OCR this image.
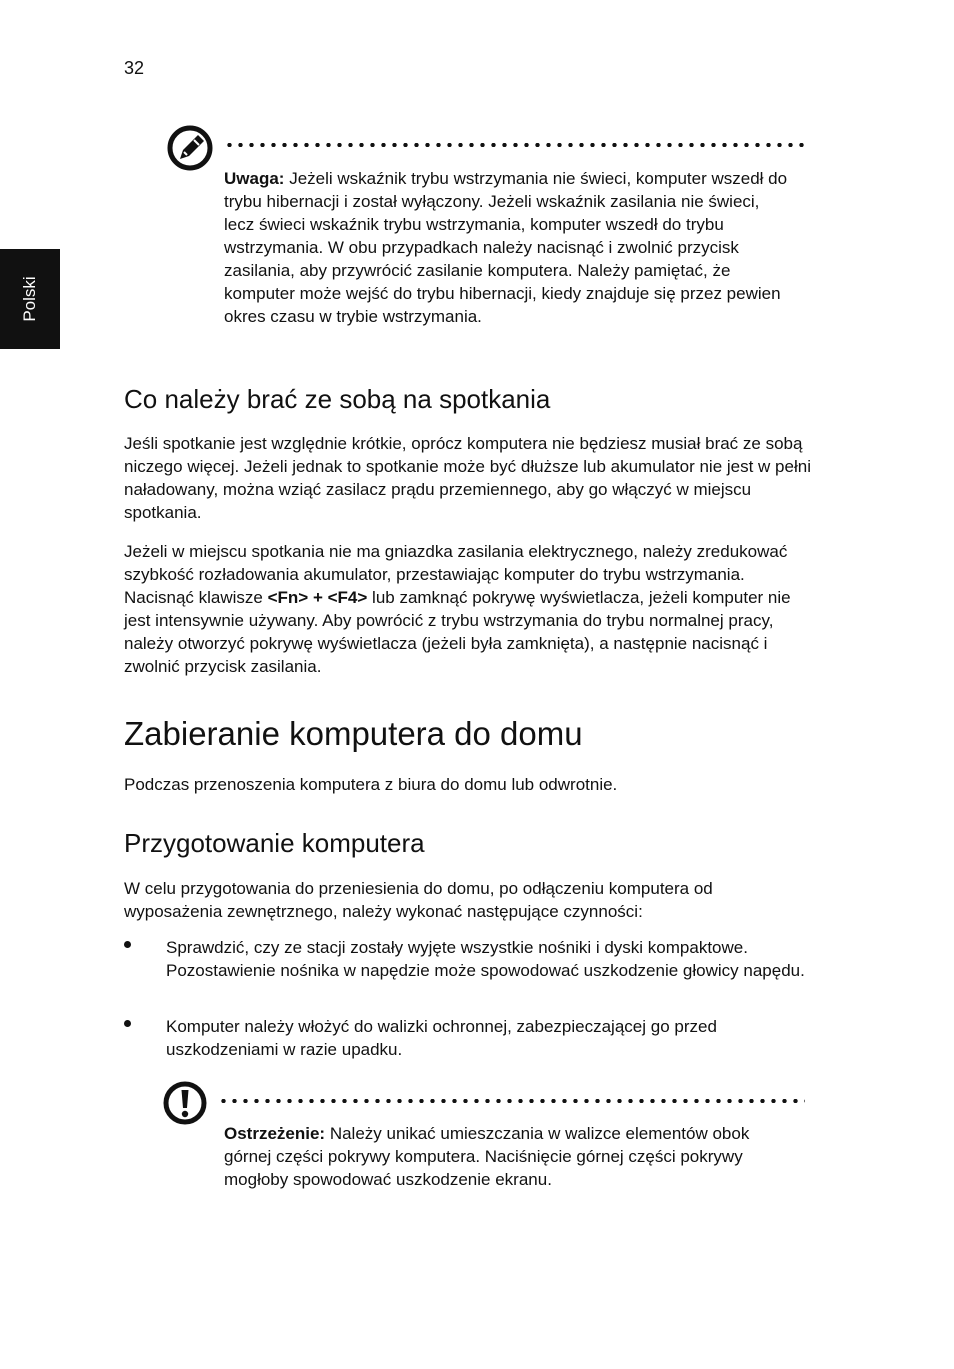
32
Polski

Uwaga: Jeżeli wskaźnik trybu wstrzymania nie świeci, komputer wszedł do trybu hibernacji i został wyłączony. Jeżeli wskaźnik zasilania nie świeci, lecz świeci wskaźnik trybu wstrzymania, komputer wszedł do trybu wstrzymania. W obu przypadkach należy nacisnąć i zwolnić przycisk zasilania, aby przywrócić zasilanie komputera. Należy pamiętać, że komputer może wejść do trybu hibernacji, kiedy znajduje się przez pewien okres czasu w trybie wstrzymania.

Co należy brać ze sobą na spotkania

Jeśli spotkanie jest względnie krótkie, oprócz komputera nie będziesz musiał brać ze sobą niczego więcej. Jeżeli jednak to spotkanie może być dłuższe lub akumulator nie jest w pełni naładowany, można wziąć zasilacz prądu przemiennego, aby go włączyć w miejscu spotkania.

Jeżeli w miejscu spotkania nie ma gniazdka zasilania elektrycznego, należy zredukować szybkość rozładowania akumulator, przestawiając komputer do trybu wstrzymania. Nacisnąć klawisze <Fn> + <F4> lub zamknąć pokrywę wyświetlacza, jeżeli komputer nie jest intensywnie używany. Aby powrócić z trybu wstrzymania do trybu normalnej pracy, należy otworzyć pokrywę wyświetlacza (jeżeli była zamknięta), a następnie nacisnąć i zwolnić przycisk zasilania.

Zabieranie komputera do domu

Podczas przenoszenia komputera z biura do domu lub odwrotnie.

Przygotowanie komputera

W celu przygotowania do przeniesienia do domu, po odłączeniu komputera od wyposażenia zewnętrznego, należy wykonać następujące czynności:

Sprawdzić, czy ze stacji zostały wyjęte wszystkie nośniki i dyski kompaktowe. Pozostawienie nośnika w napędzie może spowodować uszkodzenie głowicy napędu.

Komputer należy włożyć do walizki ochronnej, zabezpieczającej go przed uszkodzeniami w razie upadku.

Ostrzeżenie: Należy unikać umieszczania w walizce elementów obok górnej części pokrywy komputera. Naciśnięcie górnej części pokrywy mogłoby spowodować uszkodzenie ekranu.
